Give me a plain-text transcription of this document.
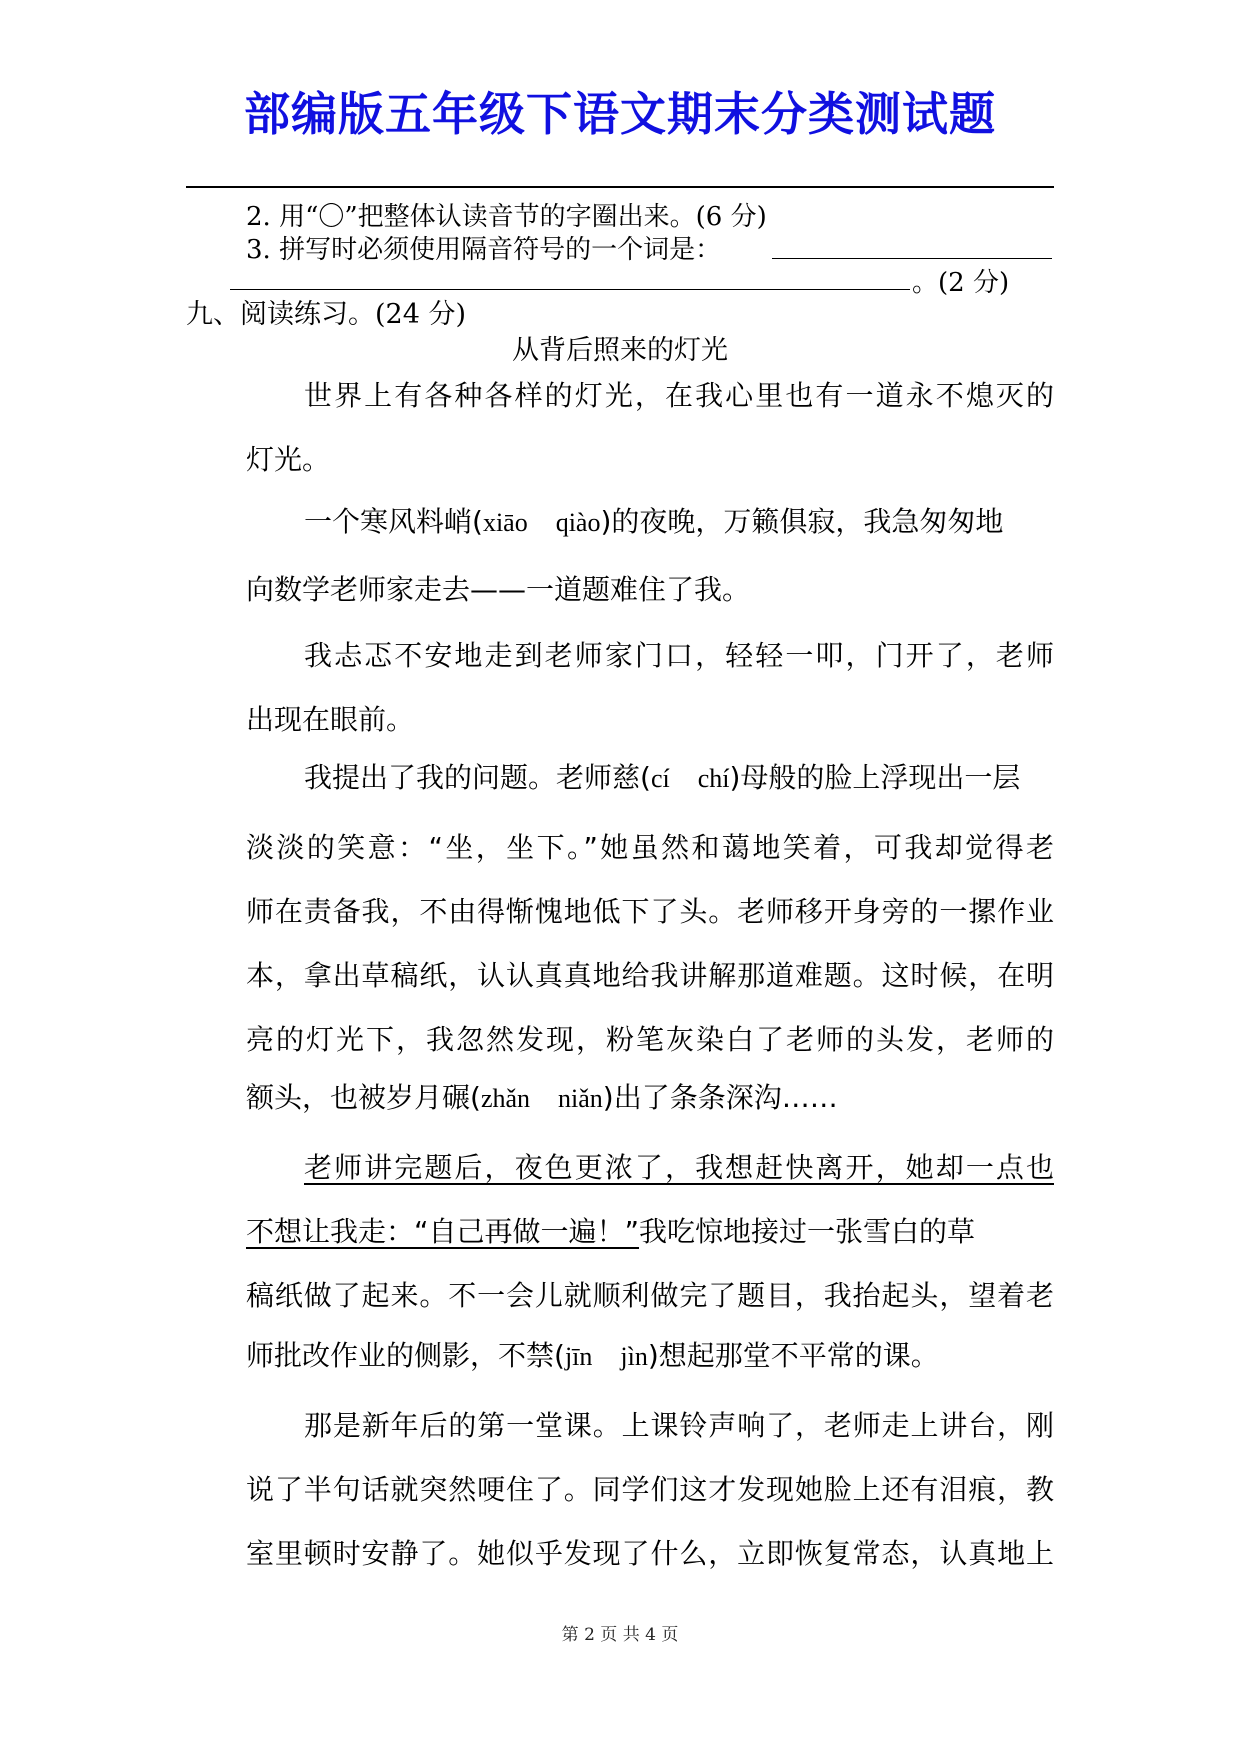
部编版五年级下语文期末分类测试题
2. 用“〇”把整体认读音节的字圈出来。(6 分)
3. 拼写时必须使用隔音符号的一个词是：
。(2 分)
九、阅读练习。(24 分)
从背后照来的灯光
世界上有各种各样的灯光，在我心里也有一道永不熄灭的
灯光。
一个寒风料峭(xiāo qiào)的夜晚，万籁俱寂，我急匆匆地
向数学老师家走去——一道题难住了我。
我忐忑不安地走到老师家门口，轻轻一叩，门开了，老师
出现在眼前。
我提出了我的问题。老师慈(cí chí)母般的脸上浮现出一层
淡淡的笑意：“坐，坐下。”她虽然和蔼地笑着，可我却觉得老
师在责备我，不由得惭愧地低下了头。老师移开身旁的一摞作业
本，拿出草稿纸，认认真真地给我讲解那道难题。这时候，在明
亮的灯光下，我忽然发现，粉笔灰染白了老师的头发，老师的
额头，也被岁月碾(zhǎn niǎn)出了条条深沟……
老师讲完题后，夜色更浓了，我想赶快离开，她却一点也
不想让我走：“自己再做一遍！”我吃惊地接过一张雪白的草
稿纸做了起来。不一会儿就顺利做完了题目，我抬起头，望着老
师批改作业的侧影，不禁(jīn jìn)想起那堂不平常的课。
那是新年后的第一堂课。上课铃声响了，老师走上讲台，刚
说了半句话就突然哽住了。同学们这才发现她脸上还有泪痕，教
室里顿时安静了。她似乎发现了什么，立即恢复常态，认真地上
第 2 页 共 4 页
